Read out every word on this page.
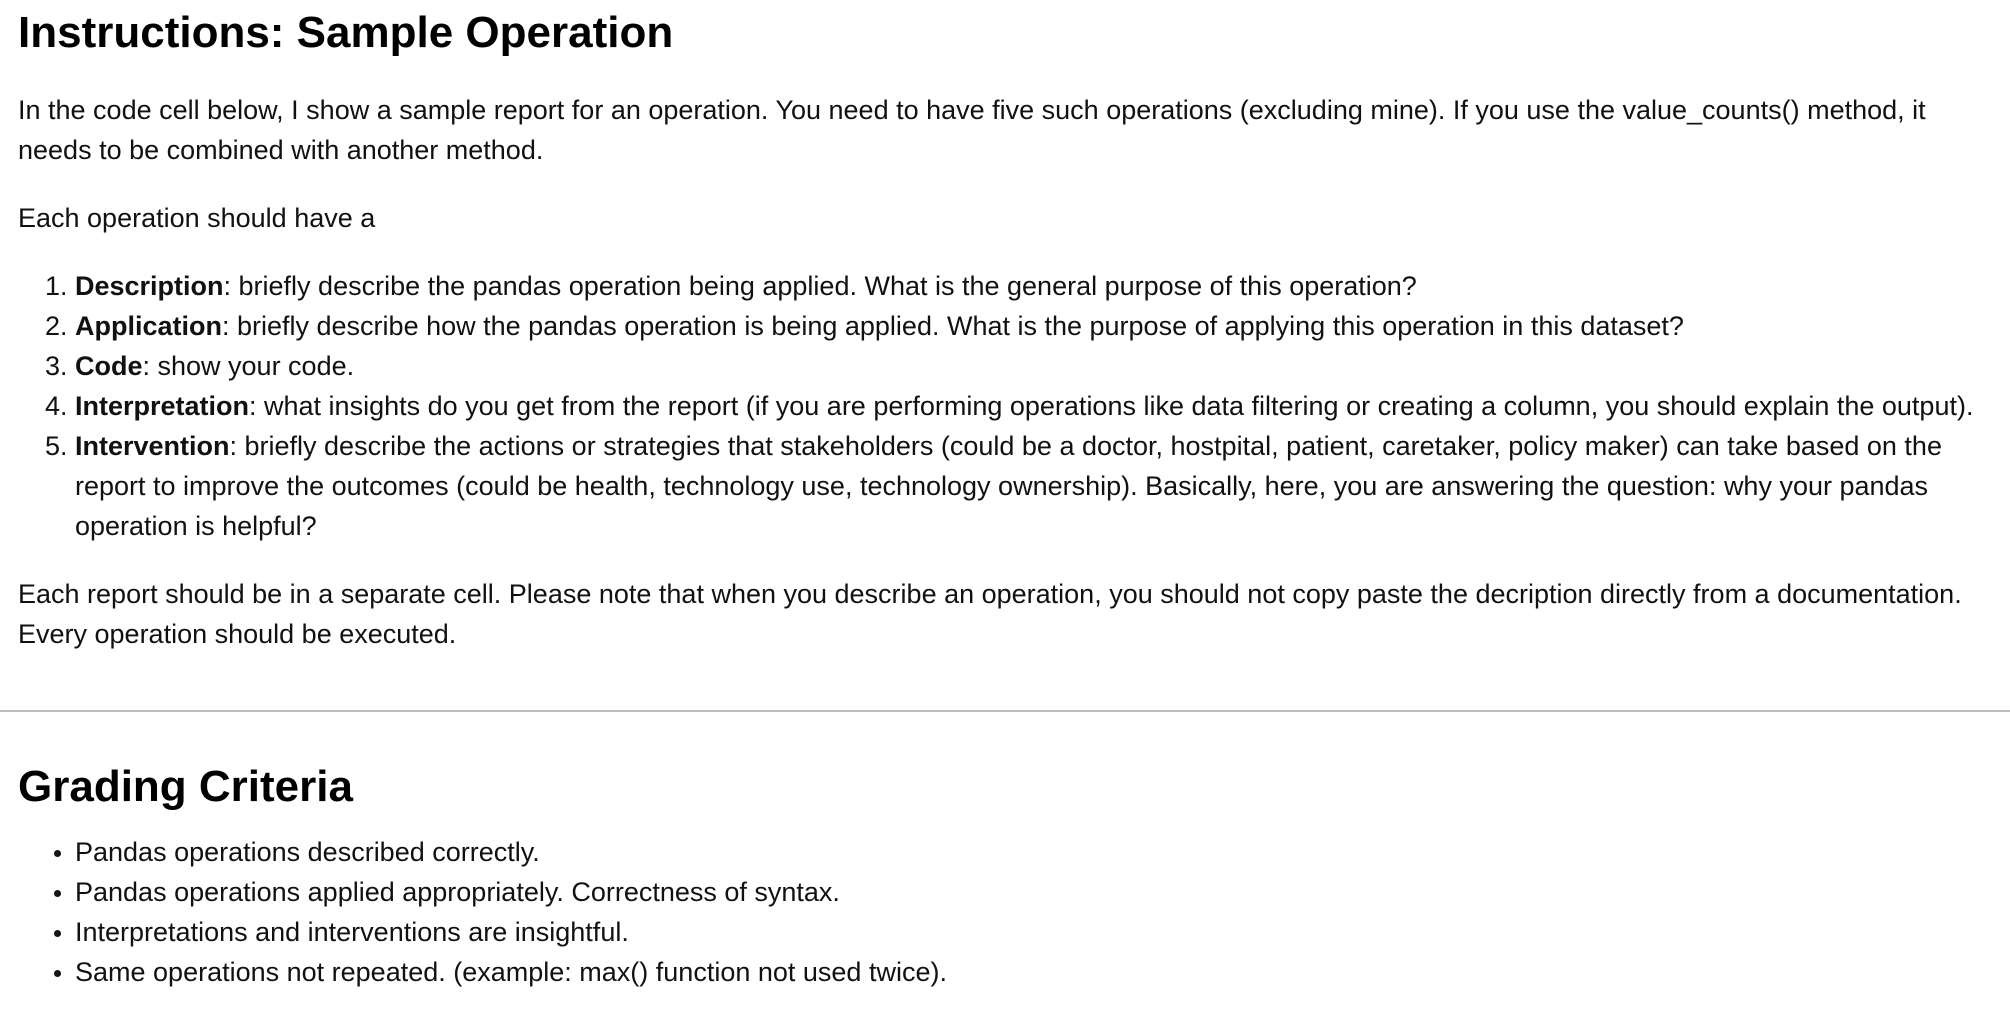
Instructions: Sample Operation

In the code cell below, I show a sample report for an operation. You need to have five such operations (excluding mine). If you use the value_counts() method, it needs to be combined with another method.

Each operation should have a

1. Description: briefly describe the pandas operation being applied. What is the general purpose of this operation?
2. Application: briefly describe how the pandas operation is being applied. What is the purpose of applying this operation in this dataset?
3. Code: show your code.
4. Interpretation: what insights do you get from the report (if you are performing operations like data filtering or creating a column, you should explain the output).
5. Intervention: briefly describe the actions or strategies that stakeholders (could be a doctor, hostpital, patient, caretaker, policy maker) can take based on the report to improve the outcomes (could be health, technology use, technology ownership). Basically, here, you are answering the question: why your pandas operation is helpful?

Each report should be in a separate cell. Please note that when you describe an operation, you should not copy paste the decription directly from a documentation. Every operation should be executed.

Grading Criteria
• Pandas operations described correctly.
• Pandas operations applied appropriately. Correctness of syntax.
• Interpretations and interventions are insightful.
• Same operations not repeated. (example: max() function not used twice).
